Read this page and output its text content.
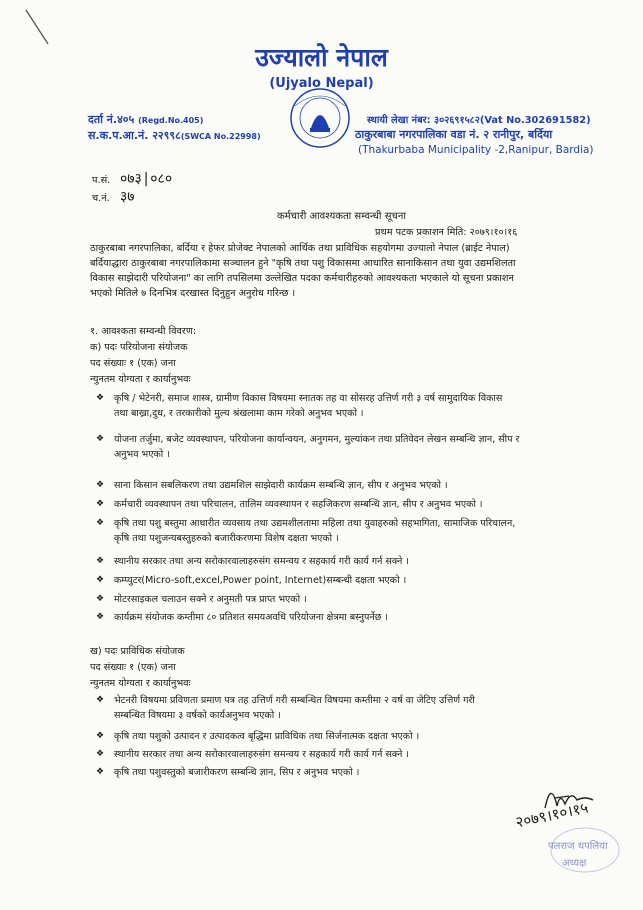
उज्यालो नेपाल
(Ujyalo Nepal)
दर्ता नं.४०५ (Regd.No.405)
स.क.प.आ.नं. २२९९८(SWCA No.22998)
स्थायी लेखा नंबर: ३०२६९१५८२(Vat No.302691582)
ठाकुरबाबा नगरपालिका वडा नं. २ रानीपुर, बर्दिया
(Thakurbaba Municipality -2,Ranipur, Bardia)
प.सं. ०७३|०८०
च.नं. ३७
कर्मचारी आवश्यकता सम्वन्धी सूचना
प्रथम पटक प्रकाशन मिति: २०७९।१०।१६
ठाकुरबाबा नगरपालिका, बर्दिया र हेफर प्रोजेक्ट नेपालको आर्थिक तथा प्राविधिक सहयोगमा उज्यालो नेपाल (ब्राईट नेपाल)
बर्दियाद्धारा ठाकुरबाबा नगरपालिकामा सञ्चालन हुने "कृषि तथा पशु विकासमा आधारित सानाकिसान तथा युवा उद्यमशिलता
विकास साझेदारी परियोजना" का लागि तपसिलमा उल्लेखित पदका कर्मचारीहरुको आवश्यकता भएकाले यो सूचना प्रकाशन
भएको मितिले ७ दिनभित्र दरखास्त दिनुहुन अनुरोध गरिन्छ ।
१. आवश्कता सम्वन्धी विवरण:
क) पदः परियोजना संयोजक
पद संख्याः १ (एक) जना
न्युनतम योग्यता र कार्यानुभवः
❖ कृषि / भेटेनरी, समाज शास्त्र, ग्रामीण विकास विषयमा स्नातक तह वा सोसरह उत्तिर्ण गरी ३ वर्ष सामुदायिक विकास
तथा बाख्रा,दुध, र तरकारीको मुल्य श्रंखलामा काम गरेको अनुभव भएको ।
❖ योजना तर्जुमा, बजेट व्यवस्थापन, परियोजना कार्यान्वयन, अनुगमन, मुल्यांकन तथा प्रतिवेदन लेखन सम्बन्धि ज्ञान, सीप र
अनुभव भएको ।
❖ साना किसान सबलिकरण तथा उद्यमशिल साझेदारी कार्यक्रम सम्बन्धि ज्ञान, सीप र अनुभव भएको ।
❖ कर्मचारी व्यवस्थापन तथा परिचालन, तालिम व्यवस्थापन र सहजिकरण सम्बन्धि ज्ञान, सीप र अनुभव भएको ।
❖ कृषि तथा पशु बस्तुमा आधारीत व्यवसाय तथा उद्यमशीलतामा महिला तथा युवाहरुको सहभागिता, सामाजिक परिचालन,
कृषि तथा पशुजन्यबस्तुहरुको बजारीकरणमा विशेष दक्षता भएको ।
❖ स्थानीय सरकार तथा अन्य सरोकारवालाहरुसंग समन्वय र सहकार्य गरी कार्य गर्न सक्ने ।
❖ कम्प्युटर(Micro-soft,excel,Power point, Internet)सम्बन्धी दक्षता भएको ।
❖ मोटरसाइकल चलाउन सक्ने र अनुमती पत्र प्राप्त भएको ।
❖ कार्यक्रम संयोजक कम्तीमा ८० प्रतिशत समयअवधि परियोजना क्षेत्रमा बस्नुपर्नेछ ।
ख) पदः प्राविधिक संयोजक
पद संख्याः १ (एक) जना
न्युनतम योग्यता र कार्यानुभवः
❖ भेटनरी विषयमा प्रविणता प्रमाण पत्र तह उत्तिर्ण गरी सम्बन्धित विषयमा कम्तीमा २ वर्ष वा जेटिए उत्तिर्ण गरी
सम्बन्धित विषयमा ३ वर्षको कार्यअनुभव भएको ।
❖ कृषि तथा पशुको उत्पादन र उत्पादकत्व बृद्धिमा प्राविधिक तथा सिर्जनात्मक दक्षता भएको ।
❖ स्थानीय सरकार तथा अन्य सरोकारवालाहरुसंग समन्वय र सहकार्य गरी कार्य गर्न सक्ने ।
❖ कृषि तथा पशुवस्तुको बजारीकरण सम्बन्धि ज्ञान, सिप र अनुभव भएको ।
२०७९।१०।१५
पलराज थपलिया
अध्यक्ष
